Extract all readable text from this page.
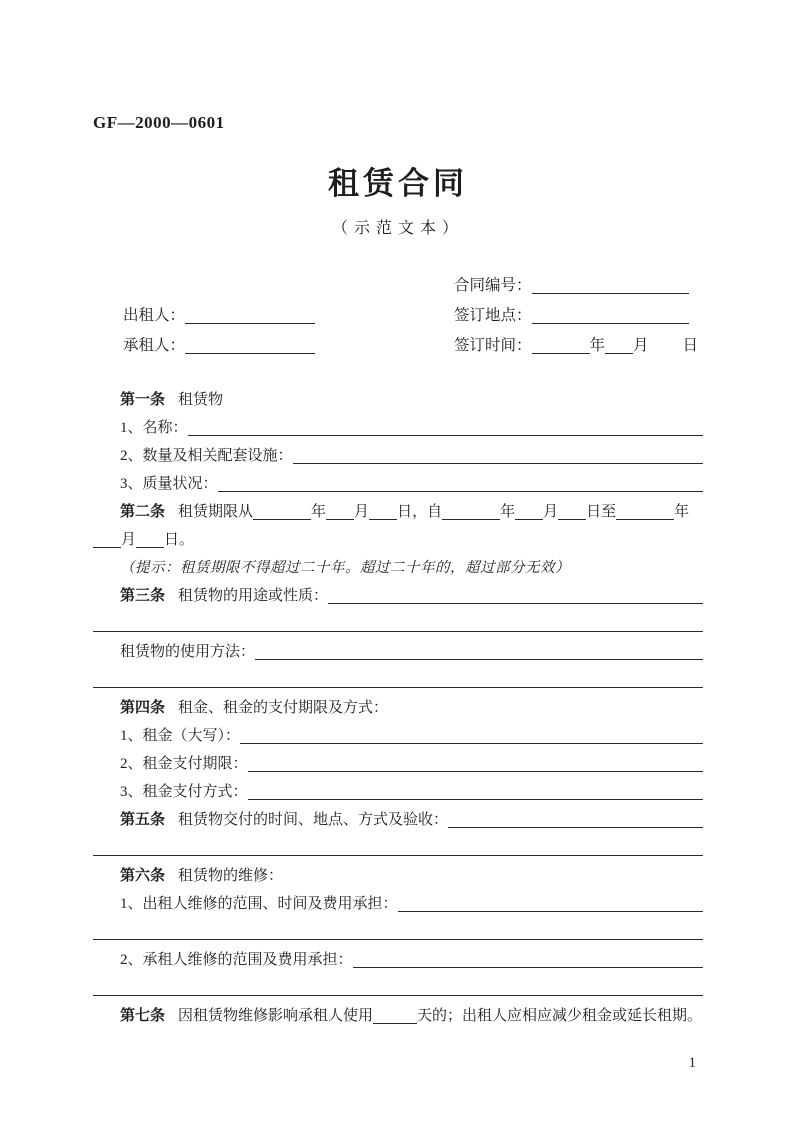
GF—2000—0601
租赁合同
（示范文本）
合同编号：
出租人：	签订地点：
承租人：	签订时间：	年 月 日
第一条 租赁物
1、名称：
2、数量及相关配套设施：
3、质量状况：
第二条 租赁期限从	年 月 日，自	年 月 日至	年
月 日。
（提示：租赁期限不得超过二十年。超过二十年的，超过部分无效）
第三条 租赁物的用途或性质：
租赁物的使用方法：
第四条 租金、租金的支付期限及方式：
1、租金（大写）：
2、租金支付期限：
3、租金支付方式：
第五条 租赁物交付的时间、地点、方式及验收：
第六条 租赁物的维修：
1、出租人维修的范围、时间及费用承担：
2、承租人维修的范围及费用承担：
第七条 因租赁物维修影响承租人使用	天的；出租人应相应减少租金或延长租期。
1
